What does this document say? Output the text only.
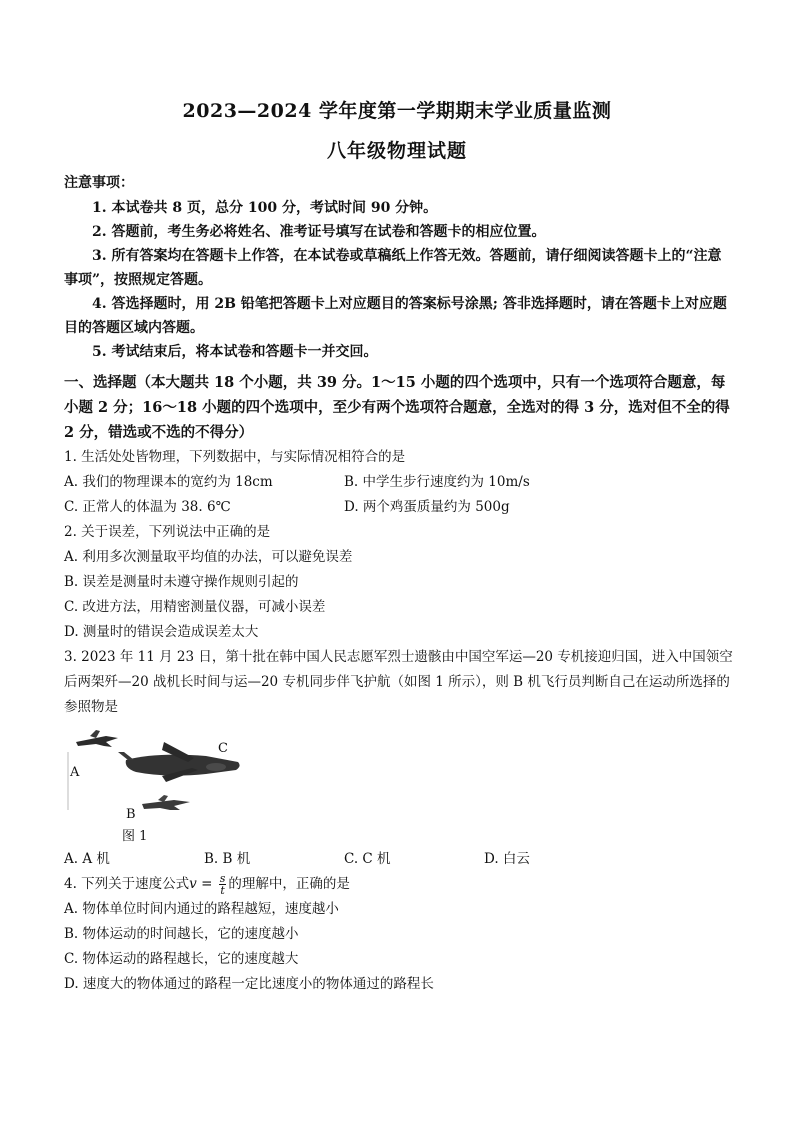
2023—2024 学年度第一学期期末学业质量监测
八年级物理试题
注意事项：
1. 本试卷共 8 页，总分 100 分，考试时间 90 分钟。
2. 答题前，考生务必将姓名、准考证号填写在试卷和答题卡的相应位置。
3. 所有答案均在答题卡上作答，在本试卷或草稿纸上作答无效。答题前，请仔细阅读答题卡上的“注意事项”，按照规定答题。
4. 答选择题时，用 2B 铅笔把答题卡上对应题目的答案标号涂黑; 答非选择题时，请在答题卡上对应题目的答题区域内答题。
5. 考试结束后，将本试卷和答题卡一并交回。
一、选择题（本大题共 18 个小题，共 39 分。1～15 小题的四个选项中，只有一个选项符合题意，每小题 2 分；16～18 小题的四个选项中，至少有两个选项符合题意，全选对的得 3 分，选对但不全的得 2 分，错选或不选的不得分）
1. 生活处处皆物理，下列数据中，与实际情况相符合的是
A. 我们的物理课本的宽约为 18cm	B. 中学生步行速度约为 10m/s
C. 正常人的体温为 38. 6℃	D. 两个鸡蛋质量约为 500g
2. 关于误差，下列说法中正确的是
A. 利用多次测量取平均值的办法，可以避免误差
B. 误差是测量时未遵守操作规则引起的
C. 改进方法，用精密测量仪器，可减小误差
D. 测量时的错误会造成误差太大
3. 2023 年 11 月 23 日，第十批在韩中国人民志愿军烈士遗骸由中国空军运—20 专机接迎归国，进入中国领空后两架歼—20 战机长时间与运—20 专机同步伴飞护航（如图 1 所示），则 B 机飞行员判断自己在运动所选择的参照物是
A
B
C
图 1
A. A 机	B. B 机	C. C 机	D. 白云
4. 下列关于速度公式$v = \frac{s}{t}$ 的理解中，正确的是
A. 物体单位时间内通过的路程越短，速度越小
B. 物体运动的时间越长，它的速度越小
C. 物体运动的路程越长，它的速度越大
D. 速度大的物体通过的路程一定比速度小的物体通过的路程长
